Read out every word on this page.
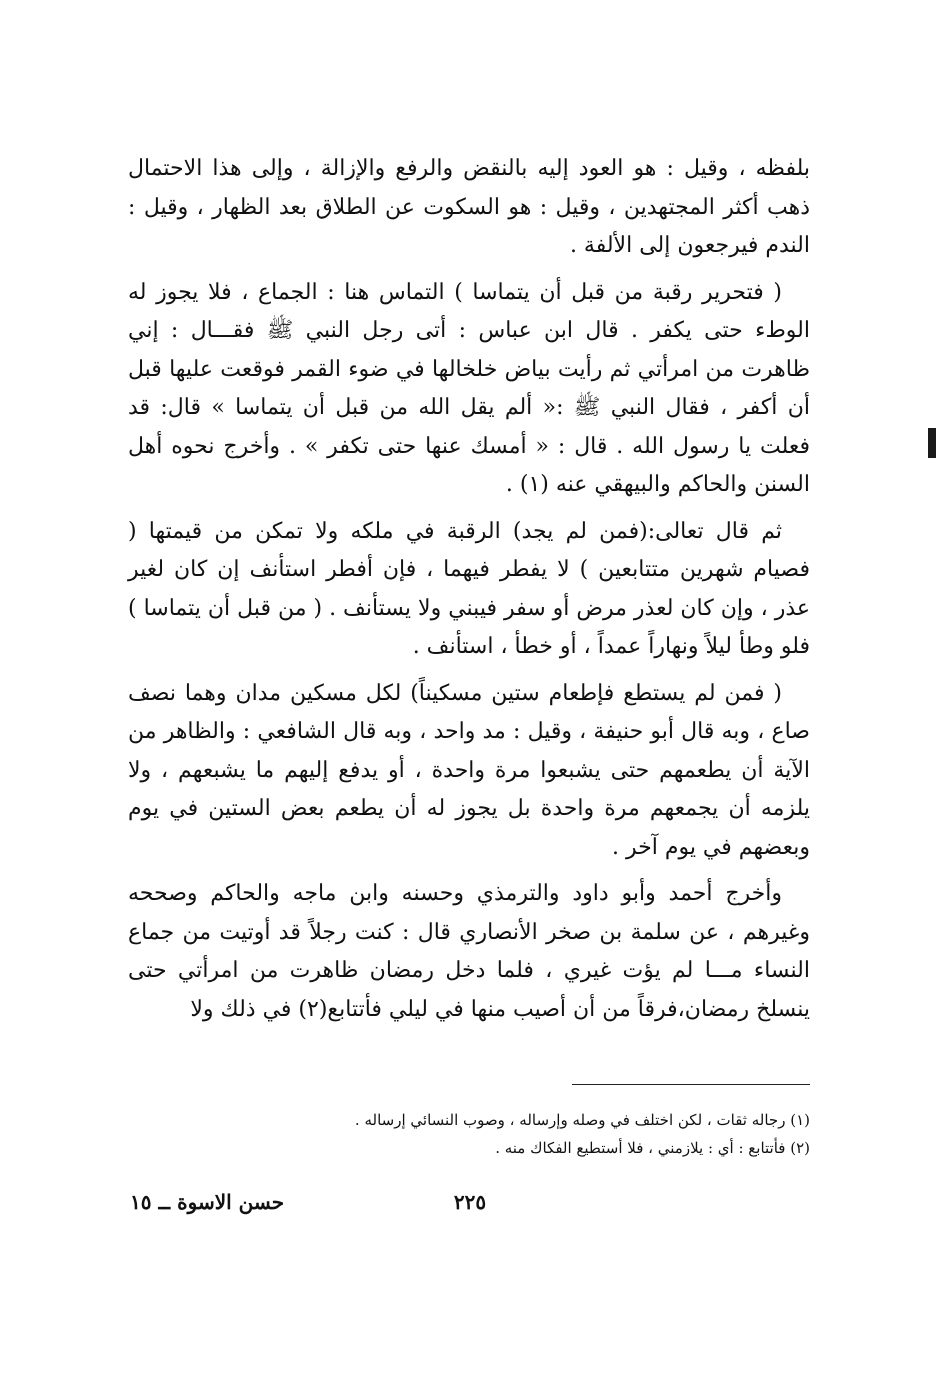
بلفظه ، وقيل : هو العود إليه بالنقض والرفع والإزالة ، وإلى هذا الاحتمال ذهب أكثر المجتهدين ، وقيل : هو السكوت عن الطلاق بعد الظهار ، وقيل : الندم فيرجعون إلى الألفة .

( فتحرير رقبة من قبل أن يتماسا ) التماس هنا : الجماع ، فلا يجوز له الوطء حتى يكفر . قال ابن عباس : أتى رجل النبي ﷺ فقـــال : إني ظاهرت من امرأتي ثم رأيت بياض خلخالها في ضوء القمر فوقعت عليها قبل أن أكفر ، فقال النبي ﷺ :« ألم يقل الله من قبل أن يتماسا » قال: قد فعلت يا رسول الله . قال : « أمسك عنها حتى تكفر » . وأخرج نحوه أهل السنن والحاكم والبيهقي عنه (١) .

ثم قال تعالى:(فمن لم يجد) الرقبة في ملكه ولا تمكن من قيمتها ( فصيام شهرين متتابعين ) لا يفطر فيهما ، فإن أفطر استأنف إن كان لغير عذر ، وإن كان لعذر مرض أو سفر فيبني ولا يستأنف . ( من قبل أن يتماسا ) فلو وطأ ليلاً ونهاراً عمداً ، أو خطأ ، استأنف .

( فمن لم يستطع فإطعام ستين مسكيناً) لكل مسكين مدان وهما نصف صاع ، وبه قال أبو حنيفة ، وقيل : مد واحد ، وبه قال الشافعي : والظاهر من الآية أن يطعمهم حتى يشبعوا مرة واحدة ، أو يدفع إليهم ما يشبعهم ، ولا يلزمه أن يجمعهم مرة واحدة بل يجوز له أن يطعم بعض الستين في يوم وبعضهم في يوم آخر .

وأخرج أحمد وأبو داود والترمذي وحسنه وابن ماجه والحاكم وصححه وغيرهم ، عن سلمة بن صخر الأنصاري قال : كنت رجلاً قد أوتيت من جماع النساء مـــا لم يؤت غيري ، فلما دخل رمضان ظاهرت من امرأتي حتى ينسلخ رمضان،فرقاً من أن أصيب منها في ليلي فأتتابع(٢) في ذلك ولا

(١) رجاله ثقات ، لكن اختلف في وصله وإرساله ، وصوب النسائي إرساله .

(٢) فأتتابع : أي : يلازمني ، فلا أستطيع الفكاك منه .

٢٢٥
حسن الاسوة ــ ١٥
